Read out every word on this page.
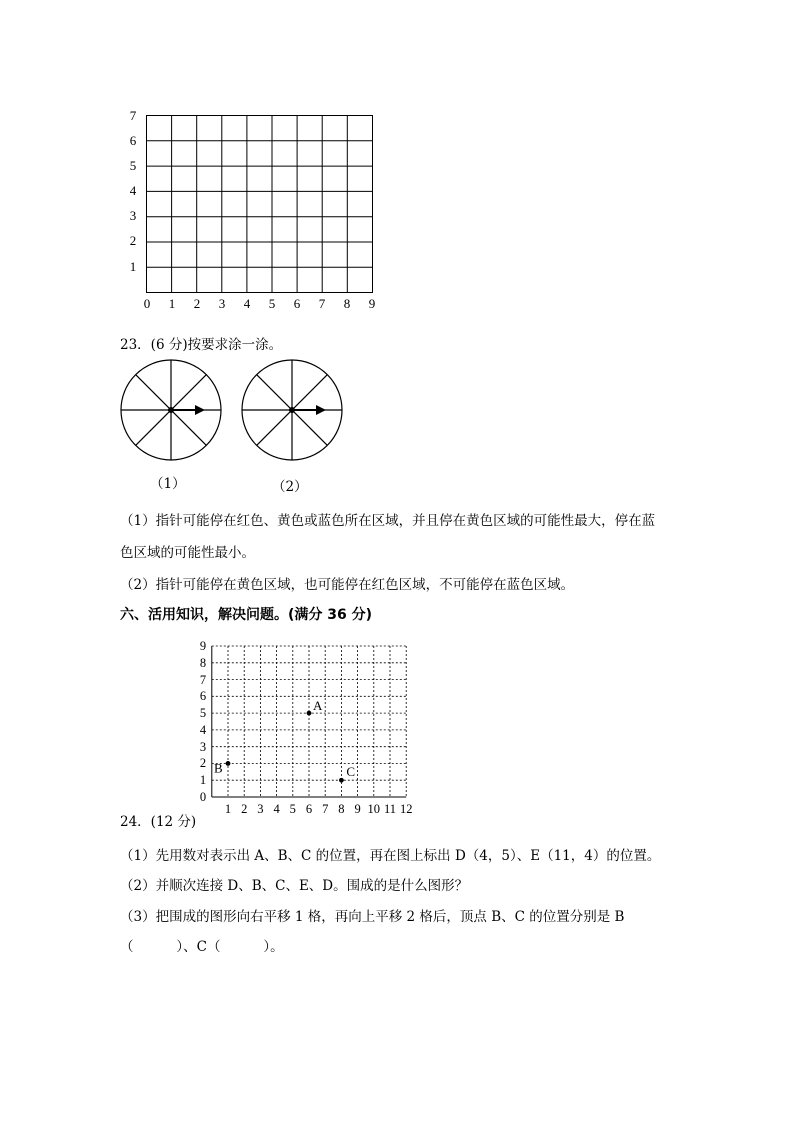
7
6
5
4
3
2
1
0 1 2 3 4 5 6 7 8 9
23．(6 分)按要求涂一涂。
（1）	（2）
（1）指针可能停在红色、黄色或蓝色所在区域，并且停在黄色区域的可能性最大，停在蓝
色区域的可能性最小。
（2）指针可能停在黄色区域，也可能停在红色区域，不可能停在蓝色区域。
六、活用知识，解决问题。(满分 36 分)
9
8
7
6
5
4
3
2
1
0
1 2 3 4 5 6 7 8 9 10 11 12
A
B	C
24．(12 分)
（1）先用数对表示出 A、B、C 的位置，再在图上标出 D（4，5）、E（11，4）的位置。
（2）并顺次连接 D、B、C、E、D。围成的是什么图形？
（3）把围成的图形向右平移 1 格，再向上平移 2 格后，顶点 B、C 的位置分别是 B
（          ）、C（          ）。
